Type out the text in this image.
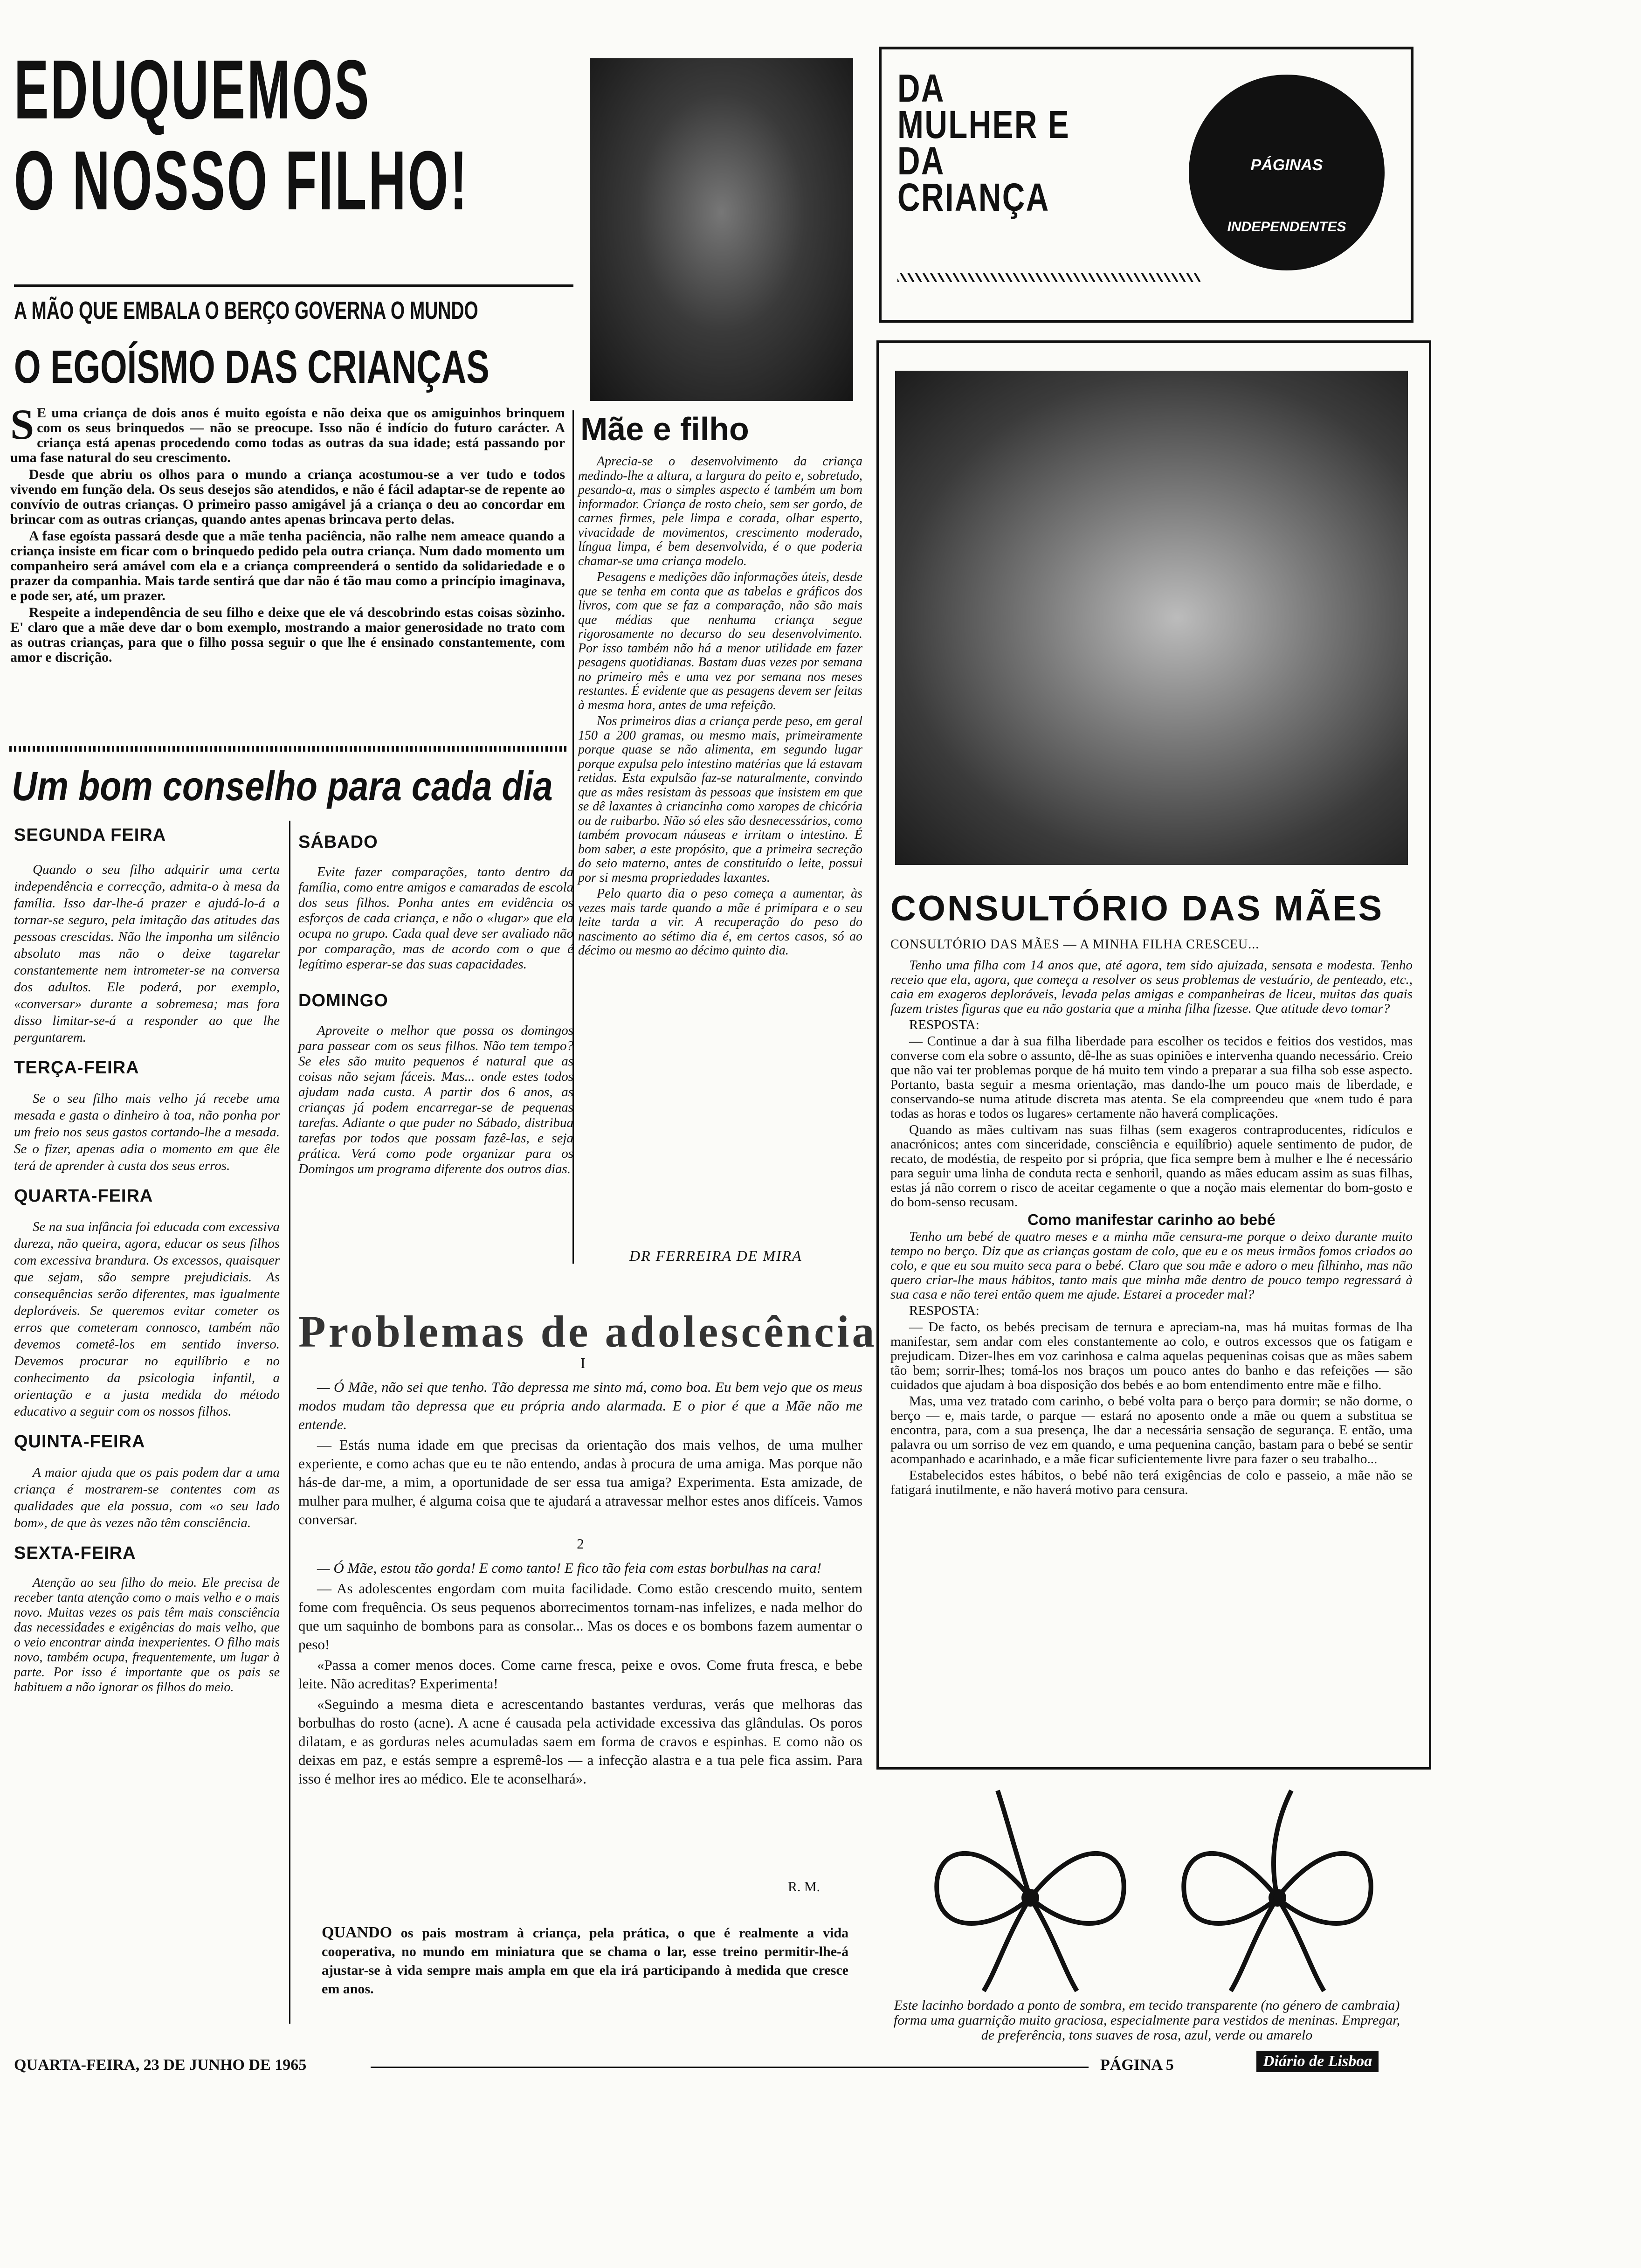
EDUQUEMOS
O NOSSO FILHO!
A MÃO QUE EMBALA O BERÇO GOVERNA O MUNDO
O EGOÍSMO DAS CRIANÇAS
S E uma criança de dois anos é muito egoísta e não deixa que os amiguinhos brinquem com os seus brinquedos — não se preocupe. Isso não é indício do futuro carácter. A criança está apenas procedendo como todas as outras da sua idade; está passando por uma fase natural do seu crescimento.

Desde que abriu os olhos para o mundo a criança acostumou-se a ver tudo e todos vivendo em função dela. Os seus desejos são atendidos, e não é fácil adaptar-se de repente ao convívio de outras crianças. O primeiro passo amigável já a criança o deu ao concordar em brincar com as outras crianças, quando antes apenas brincava perto delas.

A fase egoísta passará desde que a mãe tenha paciência, não ralhe nem ameace quando a criança insiste em ficar com o brinquedo pedido pela outra criança. Num dado momento um companheiro será amável com ela e a criança compreenderá o sentido da solidariedade e o prazer da companhia. Mais tarde sentirá que dar não é tão mau como a princípio imaginava, e pode ser, até, um prazer.

Respeite a independência de seu filho e deixe que ele vá descobrindo estas coisas sòzinho. E' claro que a mãe deve dar o bom exemplo, mostrando a maior generosidade no trato com as outras crianças, para que o filho possa seguir o que lhe é ensinado constantemente, com amor e discrição.

Mãe e filho

Aprecia-se o desenvolvimento da criança medindo-lhe a altura, a largura do peito e, sobretudo, pesando-a, mas o simples aspecto é também um bom informador. Criança de rosto cheio, sem ser gordo, de carnes firmes, pele limpa e corada, olhar esperto, vivacidade de movimentos, crescimento moderado, língua limpa, é bem desenvolvida, é o que poderia chamar-se uma criança modelo.

Pesagens e medições dão informações úteis, desde que se tenha em conta que as tabelas e gráficos dos livros, com que se faz a comparação, não são mais que médias que nenhuma criança segue rigorosamente no decurso do seu desenvolvimento. Por isso também não há a menor utilidade em fazer pesagens quotidianas. Bastam duas vezes por semana no primeiro mês e uma vez por semana nos meses restantes. É evidente que as pesagens devem ser feitas à mesma hora, antes de uma refeição.

Nos primeiros dias a criança perde peso, em geral 150 a 200 gramas, ou mesmo mais, primeiramente porque quase se não alimenta, em segundo lugar porque expulsa pelo intestino matérias que lá estavam retidas. Esta expulsão faz-se naturalmente, convindo que as mães resistam às pessoas que insistem em que se dê laxantes à criancinha como xaropes de chicória ou de ruibarbo. Não só eles são desnecessários, como também provocam náuseas e irritam o intestino. É bom saber, a este propósito, que a primeira secreção do seio materno, antes de constituído o leite, possui por si mesma propriedades laxantes.

Pelo quarto dia o peso começa a aumentar, às vezes mais tarde quando a mãe é primípara e o seu leite tarda a vir. A recuperação do peso do nascimento ao sétimo dia é, em certos casos, só ao décimo ou mesmo ao décimo quinto dia.

DR FERREIRA DE MIRA
Um bom conselho para cada dia
SEGUNDA FEIRA

Quando o seu filho adquirir uma certa independência e correcção, admita-o à mesa da família. Isso dar-lhe-á prazer e ajudá-lo-á a tornar-se seguro, pela imitação das atitudes das pessoas crescidas. Não lhe imponha um silêncio absoluto mas não o deixe tagarelar constantemente nem intrometer-se na conversa dos adultos. Ele poderá, por exemplo, «conversar» durante a sobremesa; mas fora disso limitar-se-á a responder ao que lhe perguntarem.

TERÇA-FEIRA

Se o seu filho mais velho já recebe uma mesada e gasta o dinheiro à toa, não ponha por um freio nos seus gastos cortando-lhe a mesada. Se o fizer, apenas adia o momento em que êle terá de aprender à custa dos seus erros.

QUARTA-FEIRA

Se na sua infância foi educada com excessiva dureza, não queira, agora, educar os seus filhos com excessiva brandura. Os excessos, quaisquer que sejam, são sempre prejudiciais. As consequências serão diferentes, mas igualmente deploráveis. Se queremos evitar cometer os erros que cometeram connosco, também não devemos cometê-los em sentido inverso. Devemos procurar no equilíbrio e no conhecimento da psicologia infantil, a orientação e a justa medida do método educativo a seguir com os nossos filhos.

QUINTA-FEIRA

A maior ajuda que os pais podem dar a uma criança é mostrarem-se contentes com as qualidades que ela possua, com «o seu lado bom», de que às vezes não têm consciência.

SEXTA-FEIRA

Atenção ao seu filho do meio. Ele precisa de receber tanta atenção como o mais velho e o mais novo. Muitas vezes os pais têm mais consciência das necessidades e exigências do mais velho, que o veio encontrar ainda inexperientes. O filho mais novo, também ocupa, frequentemente, um lugar à parte. Por isso é importante que os pais se habituem a não ignorar os filhos do meio.

SÁBADO

Evite fazer comparações, tanto dentro da família, como entre amigos e camaradas de escola dos seus filhos. Ponha antes em evidência os esforços de cada criança, e não o «lugar» que ela ocupa no grupo. Cada qual deve ser avaliado não por comparação, mas de acordo com o que é legítimo esperar-se das suas capacidades.

DOMINGO

Aproveite o melhor que possa os domingos para passear com os seus filhos. Não tem tempo? Se eles são muito pequenos é natural que as coisas não sejam fáceis. Mas... onde estes todos ajudam nada custa. A partir dos 6 anos, as crianças já podem encarregar-se de pequenas tarefas. Adiante o que puder no Sábado, distribua tarefas por todos que possam fazê-las, e seja prática. Verá como pode organizar para os Domingos um programa diferente dos outros dias.

Problemas de adolescência
I

— Ó Mãe, não sei que tenho. Tão depressa me sinto má, como boa. Eu bem vejo que os meus modos mudam tão depressa que eu própria ando alarmada. E o pior é que a Mãe não me entende.

— Estás numa idade em que precisas da orientação dos mais velhos, de uma mulher experiente, e como achas que eu te não entendo, andas à procura de uma amiga. Mas porque não hás-de dar-me, a mim, a oportunidade de ser essa tua amiga? Experimenta. Esta amizade, de mulher para mulher, é alguma coisa que te ajudará a atravessar melhor estes anos difíceis. Vamos conversar.

2

— Ó Mãe, estou tão gorda! E como tanto! E fico tão feia com estas borbulhas na cara!

— As adolescentes engordam com muita facilidade. Como estão crescendo muito, sentem fome com frequência. Os seus pequenos aborrecimentos tornam-nas infelizes, e nada melhor do que um saquinho de bombons para as consolar... Mas os doces e os bombons fazem aumentar o peso!

«Passa a comer menos doces. Come carne fresca, peixe e ovos. Come fruta fresca, e bebe leite. Não acreditas? Experimenta!

«Seguindo a mesma dieta e acrescentando bastantes verduras, verás que melhoras das borbulhas do rosto (acne). A acne é causada pela actividade excessiva das glândulas. Os poros dilatam, e as gorduras neles acumuladas saem em forma de cravos e espinhas. E como não os deixas em paz, e estás sempre a espremê-los — a infecção alastra e a tua pele fica assim. Para isso é melhor ires ao médico. Ele te aconselhará».

R. M.
QUANDO os pais mostram à criança, pela prática, o que é realmente a vida cooperativa, no mundo em miniatura que se chama o lar, esse treino permitir-lhe-á ajustar-se à vida sempre mais ampla em que ela irá participando à medida que cresce em anos.
DA
MULHER E
DA
CRIANÇA
PÁGINAS
INDEPENDENTES
CONSULTÓRIO DAS MÃES
CONSULTÓRIO DAS MÃES — A MINHA FILHA CRESCEU...

Tenho uma filha com 14 anos que, até agora, tem sido ajuizada, sensata e modesta. Tenho receio que ela, agora, que começa a resolver os seus problemas de vestuário, de penteado, etc., caia em exageros deploráveis, levada pelas amigas e companheiras de liceu, muitas das quais fazem tristes figuras que eu não gostaria que a minha filha fizesse. Que atitude devo tomar?

RESPOSTA:

— Continue a dar à sua filha liberdade para escolher os tecidos e feitios dos vestidos, mas converse com ela sobre o assunto, dê-lhe as suas opiniões e intervenha quando necessário. Creio que não vai ter problemas porque de há muito tem vindo a preparar a sua filha sob esse aspecto. Portanto, basta seguir a mesma orientação, mas dando-lhe um pouco mais de liberdade, e conservando-se numa atitude discreta mas atenta. Se ela compreendeu que «nem tudo é para todas as horas e todos os lugares» certamente não haverá complicações.

Quando as mães cultivam nas suas filhas (sem exageros contraproducentes, ridículos e anacrónicos; antes com sinceridade, consciência e equilíbrio) aquele sentimento de pudor, de recato, de modéstia, de respeito por si própria, que fica sempre bem à mulher e lhe é necessário para seguir uma linha de conduta recta e senhoril, quando as mães educam assim as suas filhas, estas já não correm o risco de aceitar cegamente o que a noção mais elementar do bom-gosto e do bom-senso recusam.

Como manifestar carinho ao bebé

Tenho um bebé de quatro meses e a minha mãe censura-me porque o deixo durante muito tempo no berço. Diz que as crianças gostam de colo, que eu e os meus irmãos fomos criados ao colo, e que eu sou muito seca para o bebé. Claro que sou mãe e adoro o meu filhinho, mas não quero criar-lhe maus hábitos, tanto mais que minha mãe dentro de pouco tempo regressará à sua casa e não terei então quem me ajude. Estarei a proceder mal?

RESPOSTA:

— De facto, os bebés precisam de ternura e apreciam-na, mas há muitas formas de lha manifestar, sem andar com eles constantemente ao colo, e outros excessos que os fatigam e prejudicam. Dizer-lhes em voz carinhosa e calma aquelas pequeninas coisas que as mães sabem tão bem; sorrir-lhes; tomá-los nos braços um pouco antes do banho e das refeições — são cuidados que ajudam à boa disposição dos bebés e ao bom entendimento entre mãe e filho.

Mas, uma vez tratado com carinho, o bebé volta para o berço para dormir; se não dorme, o berço — e, mais tarde, o parque — estará no aposento onde a mãe ou quem a substitua se encontra, para, com a sua presença, lhe dar a necessária sensação de segurança. E então, uma palavra ou um sorriso de vez em quando, e uma pequenina canção, bastam para o bebé se sentir acompanhado e acarinhado, e a mãe ficar suficientemente livre para fazer o seu trabalho...

Estabelecidos estes hábitos, o bebé não terá exigências de colo e passeio, a mãe não se fatigará inutilmente, e não haverá motivo para censura.

Este lacinho bordado a ponto de sombra, em tecido transparente (no género de cambraia) forma uma guarnição muito graciosa, especialmente para vestidos de meninas. Empregar, de preferência, tons suaves de rosa, azul, verde ou amarelo
QUARTA-FEIRA, 23 DE JUNHO DE 1965	PÁGINA 5	Diário de Lisboa
